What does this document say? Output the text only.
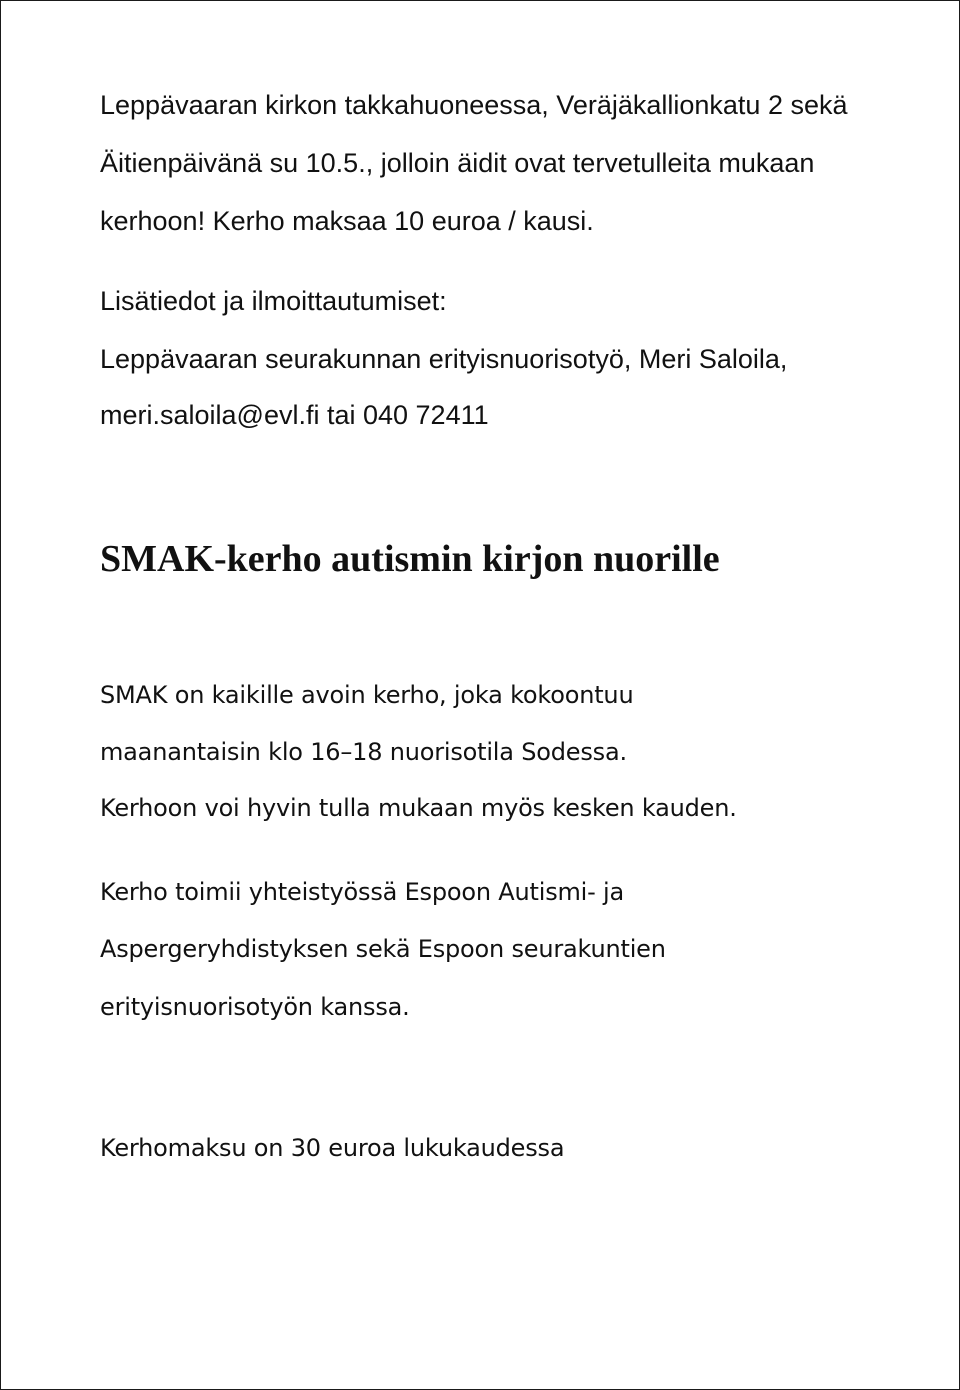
Leppävaaran kirkon takkahuoneessa, Veräjäkallionkatu 2 sekä

Äitienpäivänä su 10.5., jolloin äidit ovat tervetulleita mukaan

kerhoon! Kerho maksaa 10 euroa / kausi.

Lisätiedot ja ilmoittautumiset:

Leppävaaran seurakunnan erityisnuorisotyö, Meri Saloila,

meri.saloila@evl.fi tai 040 72411

SMAK-kerho autismin kirjon nuorille

SMAK on kaikille avoin kerho, joka kokoontuu

maanantaisin klo 16–18 nuorisotila Sodessa.

Kerhoon voi hyvin tulla mukaan myös kesken kauden.

Kerho toimii yhteistyössä Espoon Autismi- ja

Aspergeryhdistyksen sekä Espoon seurakuntien

erityisnuorisotyön kanssa.

Kerhomaksu on 30 euroa lukukaudessa
